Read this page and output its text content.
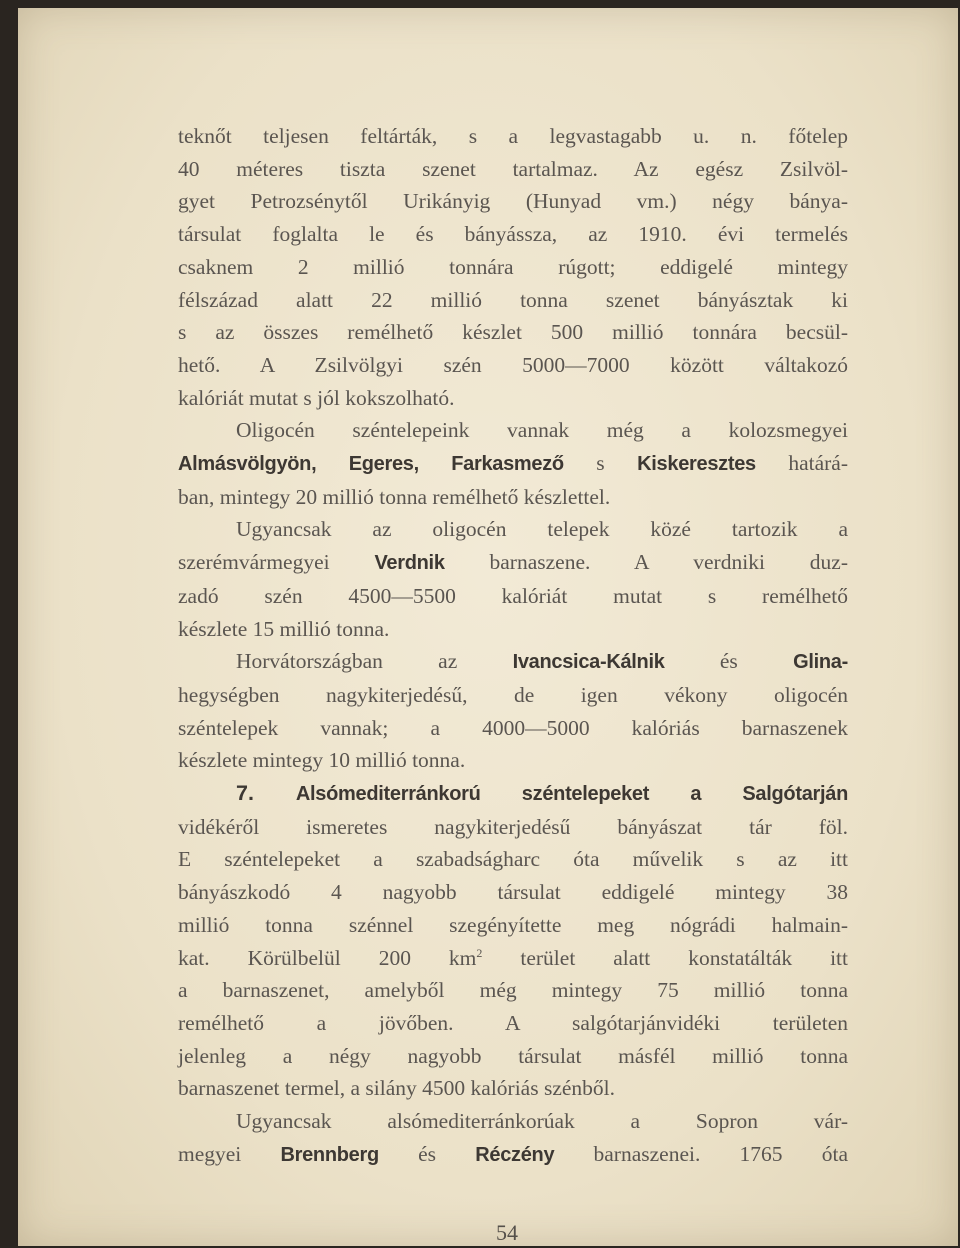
teknőt teljesen feltárták, s a legvastagabb u. n. főtelep
40 méteres tiszta szenet tartalmaz. Az egész Zsilvöl-
gyet Petrozsénytől Urikányig (Hunyad vm.) négy bánya-
társulat foglalta le és bányássza, az 1910. évi termelés
csaknem 2 millió tonnára rúgott; eddigelé mintegy
félszázad alatt 22 millió tonna szenet bányásztak ki
s az összes remélhető készlet 500 millió tonnára becsül-
hető. A Zsilvölgyi szén 5000—7000 között váltakozó
kalóriát mutat s jól kokszolható.
Oligocén széntelepeink vannak még a kolozsmegyei
Almásvölgyön, Egeres, Farkasmező s Kiskeresztes határá-
ban, mintegy 20 millió tonna remélhető készlettel.
Ugyancsak az oligocén telepek közé tartozik a
szerémvármegyei Verdnik barnaszene. A verdniki duz-
zadó szén 4500—5500 kalóriát mutat s remélhető
készlete 15 millió tonna.
Horvátországban az Ivancsica-Kálnik és Glina-
hegységben nagykiterjedésű, de igen vékony oligocén
széntelepek vannak; a 4000—5000 kalóriás barnaszenek
készlete mintegy 10 millió tonna.
7. Alsómediterránkorú széntelepeket a Salgótarján
vidékéről ismeretes nagykiterjedésű bányászat tár föl.
E széntelepeket a szabadságharc óta művelik s az itt
bányászkodó 4 nagyobb társulat eddigelé mintegy 38
millió tonna szénnel szegényítette meg nógrádi halmain-
kat. Körülbelül 200 $km^2$ terület alatt konstatálták itt
a barnaszenet, amelyből még mintegy 75 millió tonna
remélhető a jövőben. A salgótarjánvidéki területen
jelenleg a négy nagyobb társulat másfél millió tonna
barnaszenet termel, a silány 4500 kalóriás szénből.
Ugyancsak alsómediterránkorúak a Sopron vár-
megyei Brennberg és Réczény barnaszenei. 1765 óta
54
